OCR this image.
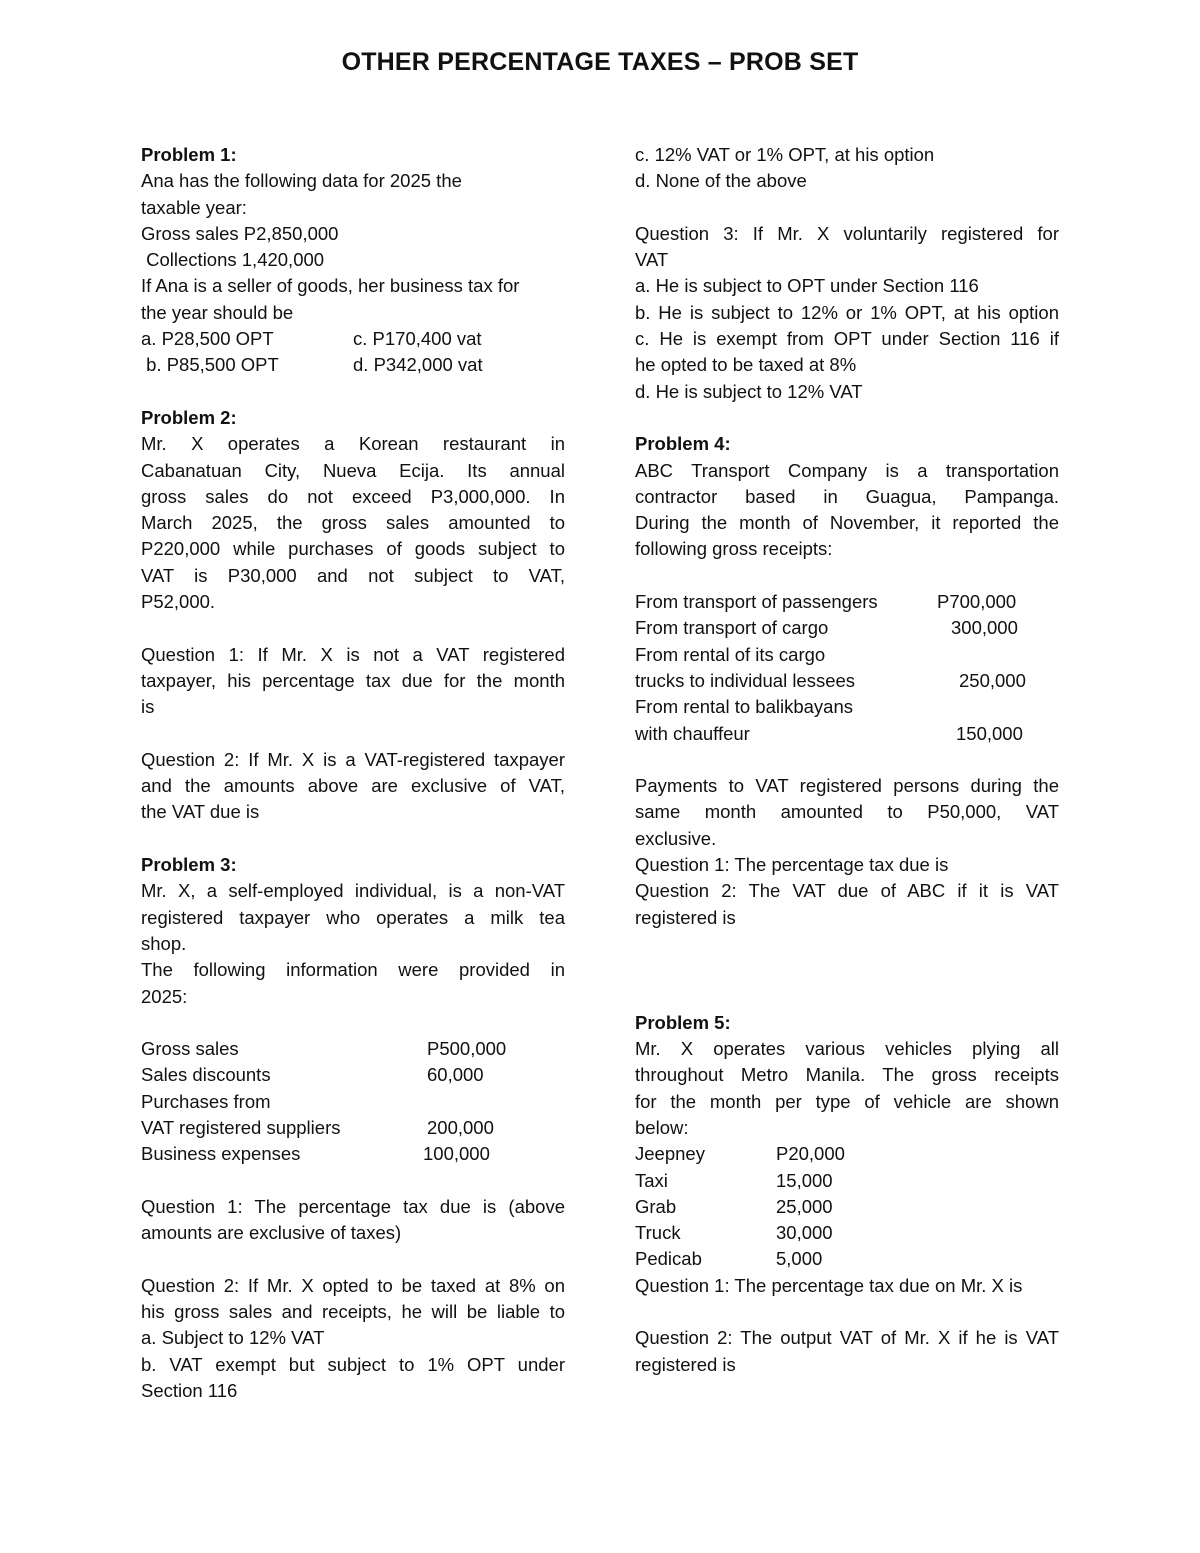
OTHER PERCENTAGE TAXES – PROB SET
Problem 1:
Ana has the following data for 2025 the
taxable year:
Gross sales P2,850,000
Collections 1,420,000
If Ana is a seller of goods, her business tax for
the year should be
a. P28,500 OPT	c. P170,400 vat
b. P85,500 OPT	d. P342,000 vat
Problem 2:
Mr. X operates a Korean restaurant in
Cabanatuan City, Nueva Ecija. Its annual
gross sales do not exceed P3,000,000. In
March 2025, the gross sales amounted to
P220,000 while purchases of goods subject to
VAT is P30,000 and not subject to VAT,
P52,000.
Question 1: If Mr. X is not a VAT registered
taxpayer, his percentage tax due for the month
is
Question 2: If Mr. X is a VAT-registered taxpayer
and the amounts above are exclusive of VAT,
the VAT due is
Problem 3:
Mr. X, a self-employed individual, is a non-VAT
registered taxpayer who operates a milk tea
shop.
The following information were provided in
2025:
Gross sales	P500,000
Sales discounts	60,000
Purchases from
VAT registered suppliers	200,000
Business expenses	100,000
Question 1: The percentage tax due is (above
amounts are exclusive of taxes)
Question 2: If Mr. X opted to be taxed at 8% on
his gross sales and receipts, he will be liable to
a. Subject to 12% VAT
b. VAT exempt but subject to 1% OPT under
Section 116
c. 12% VAT or 1% OPT, at his option
d. None of the above
Question 3: If Mr. X voluntarily registered for
VAT
a. He is subject to OPT under Section 116
b. He is subject to 12% or 1% OPT, at his option
c. He is exempt from OPT under Section 116 if
he opted to be taxed at 8%
d. He is subject to 12% VAT
Problem 4:
ABC Transport Company is a transportation
contractor based in Guagua, Pampanga.
During the month of November, it reported the
following gross receipts:
From transport of passengers	P700,000
From transport of cargo	300,000
From rental of its cargo
trucks to individual lessees	250,000
From rental to balikbayans
with chauffeur	150,000
Payments to VAT registered persons during the
same month amounted to P50,000, VAT
exclusive.
Question 1: The percentage tax due is
Question 2: The VAT due of ABC if it is VAT
registered is
Problem 5:
Mr. X operates various vehicles plying all
throughout Metro Manila. The gross receipts
for the month per type of vehicle are shown
below:
Jeepney	P20,000
Taxi	15,000
Grab	25,000
Truck	30,000
Pedicab	5,000
Question 1: The percentage tax due on Mr. X is
Question 2: The output VAT of Mr. X if he is VAT
registered is
